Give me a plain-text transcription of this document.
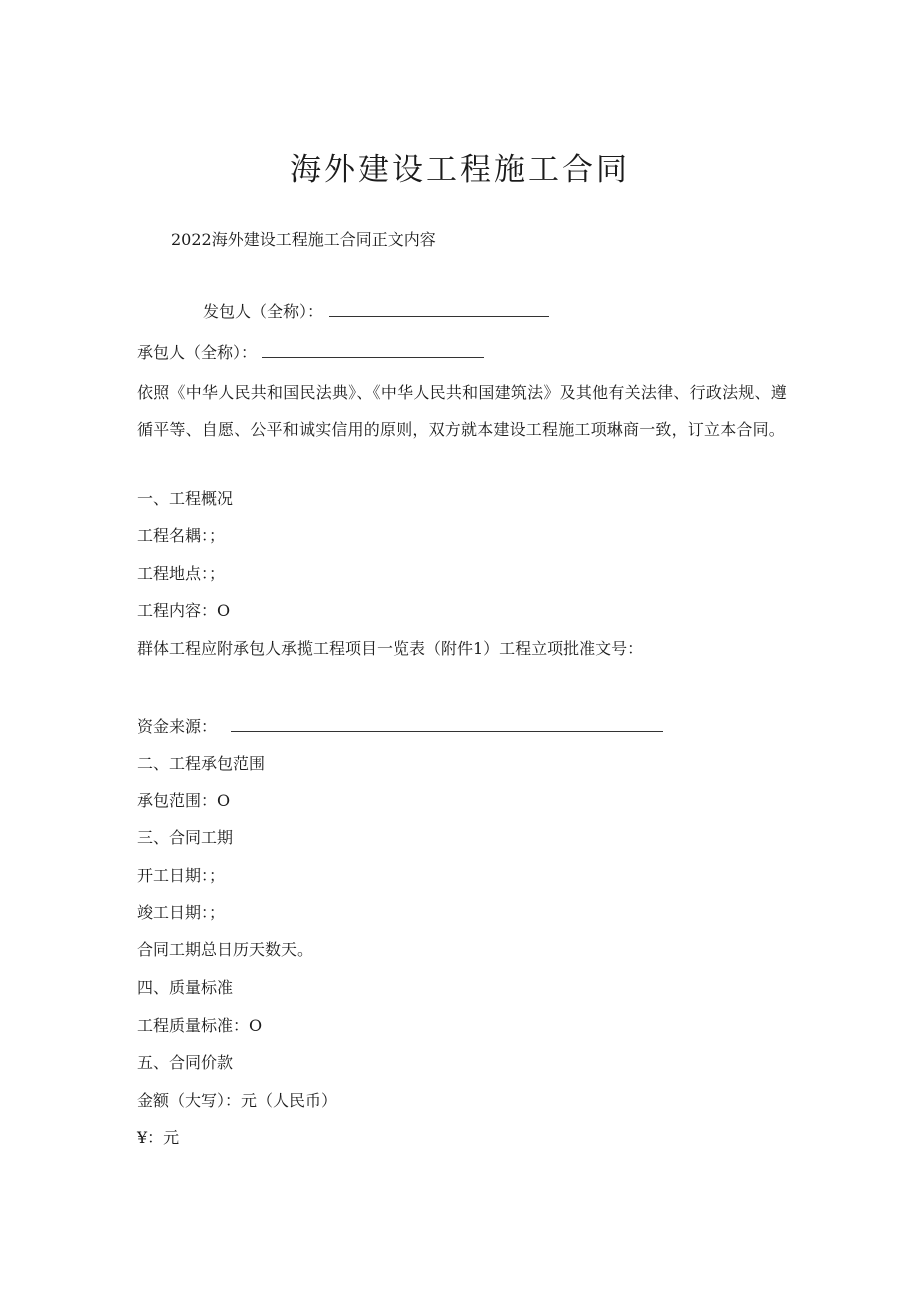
海外建设工程施工合同

2022海外建设工程施工合同正文内容

发包人（全称）：

承包人（全称）：

依照《中华人民共和国民法典》、《中华人民共和国建筑法》及其他有关法律、行政法规、遵循平等、自愿、公平和诚实信用的原则，双方就本建设工程施工项琳商一致，订立本合同。

一、工程概况

工程名耦：；

工程地点：；

工程内容：O

群体工程应附承包人承揽工程项目一览表（附件1）工程立项批准文号：

资金来源：

二、工程承包范围

承包范围：O

三、合同工期

开工日期：；

竣工日期：；

合同工期总日历天数天。

四、质量标准

工程质量标准：O

五、合同价款

金额（大写）：元（人民币）

¥：元
